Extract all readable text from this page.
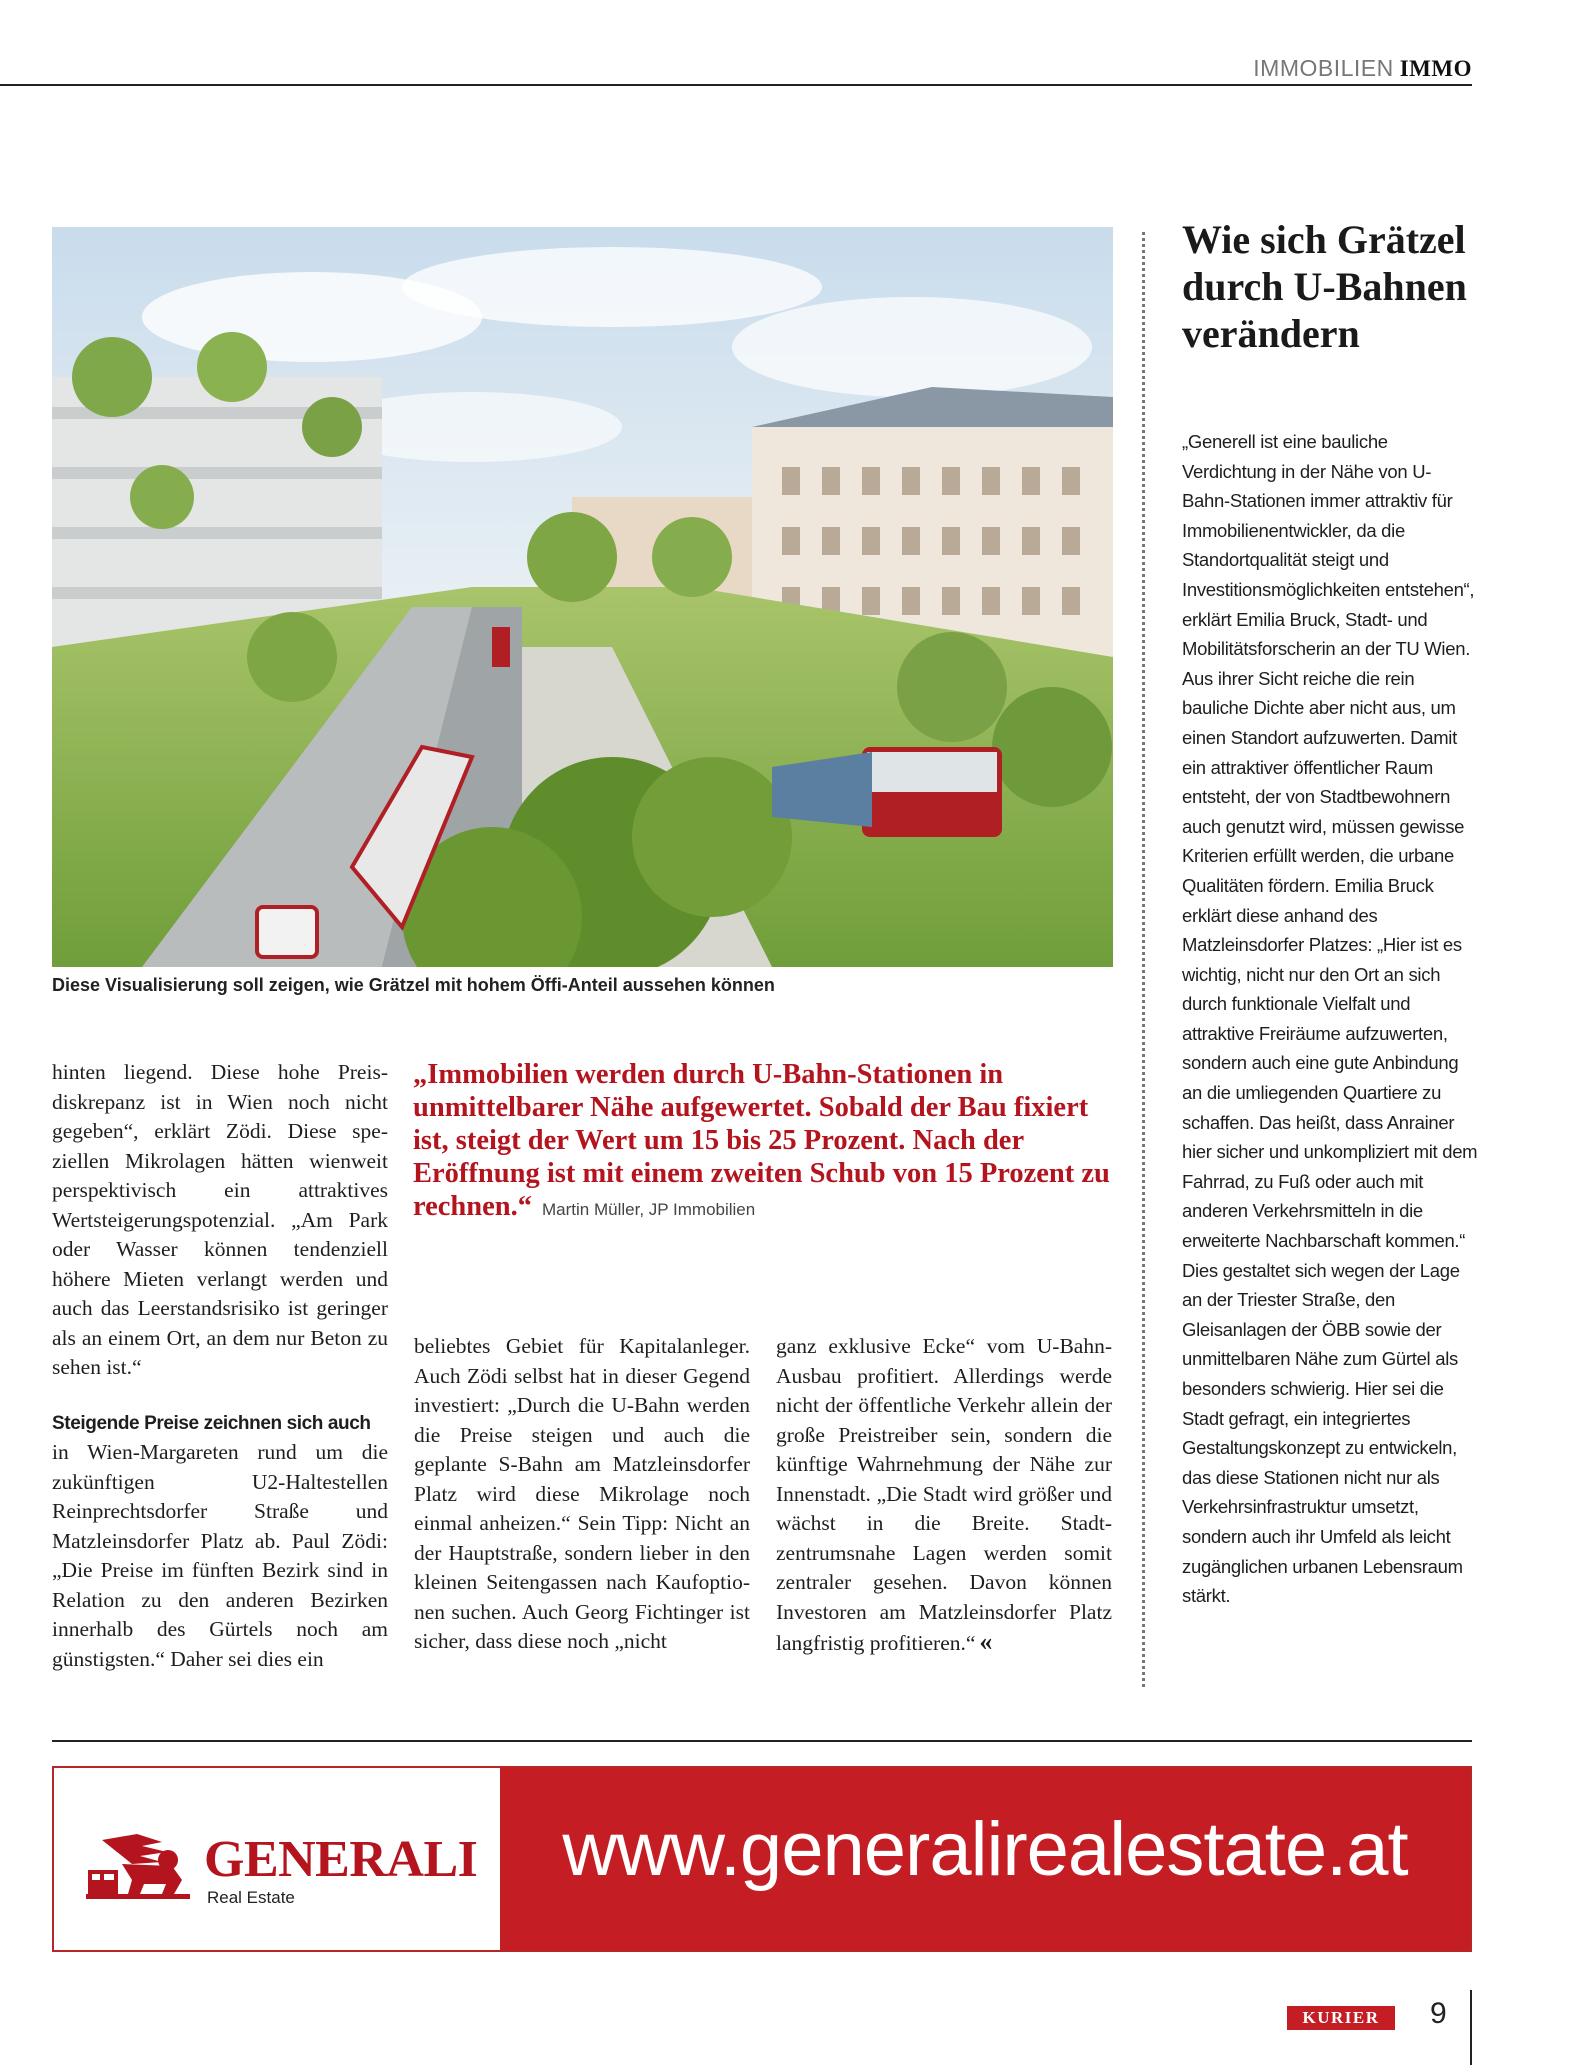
IMMOBILIEN IMMO
Diese Visualisierung soll zeigen, wie Grätzel mit hohem Öffi-Anteil aussehen können

hinten liegend. Diese hohe Preisdiskrepanz ist in Wien noch nicht gegeben“, erklärt Zödi. Diese speziellen Mikrolagen hätten wienweit perspektivisch ein attraktives Wertsteigerungspotenzial. „Am Park oder Wasser können tendenziell höhere Mieten verlangt werden und auch das Leerstandsrisiko ist geringer als an einem Ort, an dem nur Beton zu sehen ist.“

Steigende Preise zeichnen sich auch

in Wien-Margareten rund um die zukünftigen U2-Haltestellen Reinprechtsdorfer Straße und Matzleinsdorfer Platz ab. Paul Zödi: „Die Preise im fünften Bezirk sind in Relation zu den anderen Bezirken innerhalb des Gürtels noch am günstigsten.“ Daher sei dies ein

„Immobilien werden durch U-Bahn-Stationen in unmittelbarer Nähe aufgewertet. Sobald der Bau fixiert ist, steigt der Wert um 15 bis 25 Prozent. Nach der Eröffnung ist mit einem zweiten Schub von 15 Prozent zu rechnen.“ Martin Müller, JP Immobilien

beliebtes Gebiet für Kapitalanleger. Auch Zödi selbst hat in dieser Gegend investiert: „Durch die U-Bahn werden die Preise steigen und auch die geplante S-Bahn am Matzleinsdorfer Platz wird diese Mikrolage noch einmal anheizen.“ Sein Tipp: Nicht an der Hauptstraße, sondern lieber in den kleinen Seitengassen nach Kaufoptionen suchen. Auch Georg Fichtinger ist sicher, dass diese noch „nicht

ganz exklusive Ecke“ vom U-Bahn-Ausbau profitiert. Allerdings werde nicht der öffentliche Verkehr allein der große Preistreiber sein, sondern die künftige Wahrnehmung der Nähe zur Innenstadt. „Die Stadt wird größer und wächst in die Breite. Stadtzentrumsnahe Lagen werden somit zentraler gesehen. Davon können Investoren am Matzleinsdorfer Platz langfristig profitieren.“ «

Wie sich Grätzel durch U-Bahnen verändern
„Generell ist eine bauliche Verdichtung in der Nähe von U-Bahn-Stationen immer attraktiv für Immobilienentwickler, da die Standortqualität steigt und Investitionsmöglichkeiten entstehen“, erklärt Emilia Bruck, Stadt- und Mobilitätsforscherin an der TU Wien. Aus ihrer Sicht reiche die rein bauliche Dichte aber nicht aus, um einen Standort aufzuwerten. Damit ein attraktiver öffentlicher Raum entsteht, der von Stadtbewohnern auch genutzt wird, müssen gewisse Kriterien erfüllt werden, die urbane Qualitäten fördern. Emilia Bruck erklärt diese anhand des Matzleinsdorfer Platzes: „Hier ist es wichtig, nicht nur den Ort an sich durch funktionale Vielfalt und attraktive Freiräume aufzuwerten, sondern auch eine gute Anbindung an die umliegenden Quartiere zu schaffen. Das heißt, dass Anrainer hier sicher und unkompliziert mit dem Fahrrad, zu Fuß oder auch mit anderen Verkehrsmitteln in die erweiterte Nachbarschaft kommen.“ Dies gestaltet sich wegen der Lage an der Triester Straße, den Gleisanlagen der ÖBB sowie der unmittelbaren Nähe zum Gürtel als besonders schwierig. Hier sei die Stadt gefragt, ein integriertes Gestaltungskonzept zu entwickeln, das diese Stationen nicht nur als Verkehrsinfrastruktur umsetzt, sondern auch ihr Umfeld als leicht zugänglichen urbanen Lebensraum stärkt.
GENERALI
Real Estate
www.generalirealestate.at
KURIER	9
